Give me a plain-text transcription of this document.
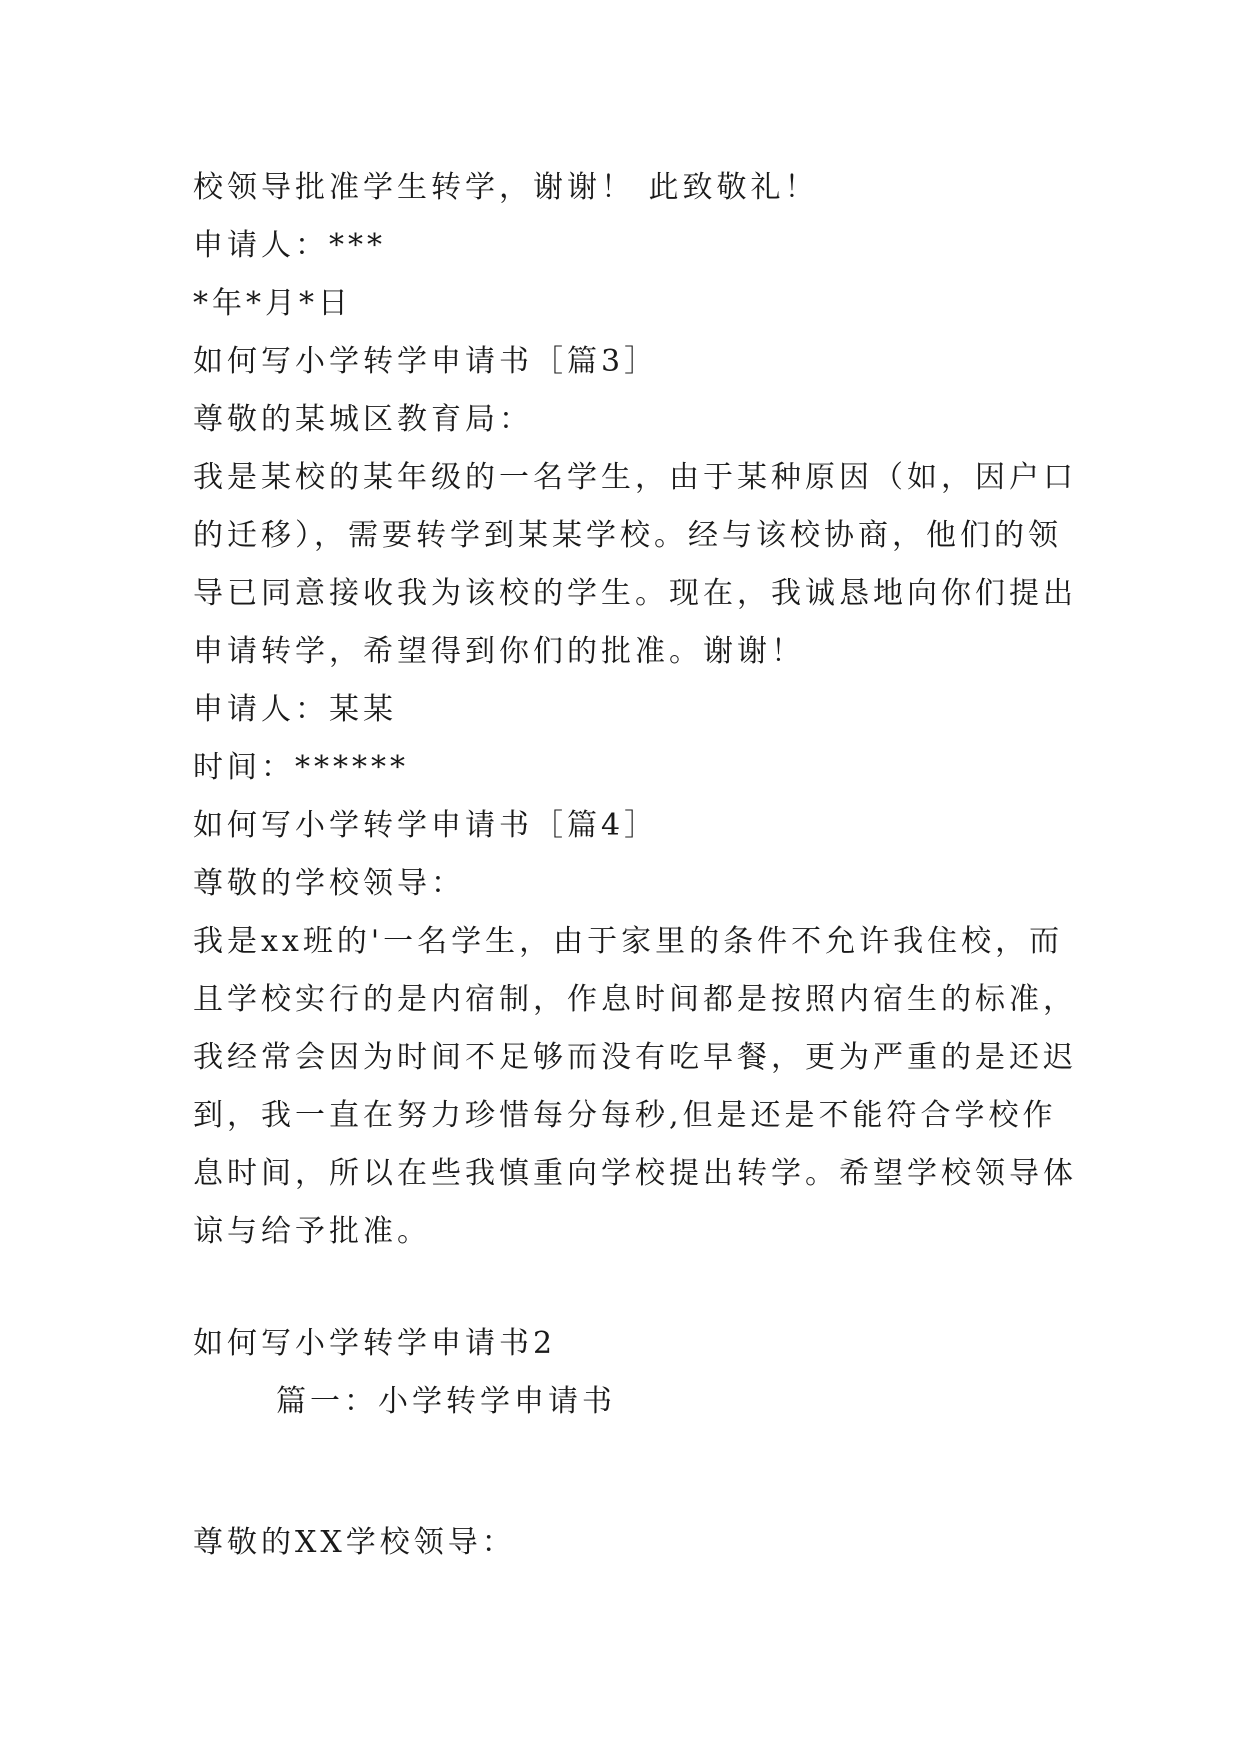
校领导批准学生转学，谢谢！ 此致敬礼！
申请人：***
*年*月*日
如何写小学转学申请书［篇3］
尊敬的某城区教育局：
我是某校的某年级的一名学生，由于某种原因（如，因户口
的迁移），需要转学到某某学校。经与该校协商，他们的领
导已同意接收我为该校的学生。现在，我诚恳地向你们提出
申请转学，希望得到你们的批准。谢谢！
申请人：某某
时间：******
如何写小学转学申请书［篇4］
尊敬的学校领导：
我是xx班的'一名学生，由于家里的条件不允许我住校，而
且学校实行的是内宿制，作息时间都是按照内宿生的标准，
我经常会因为时间不足够而没有吃早餐，更为严重的是还迟
到，我一直在努力珍惜每分每秒,但是还是不能符合学校作
息时间，所以在些我慎重向学校提出转学。希望学校领导体
谅与给予批准。
如何写小学转学申请书2
篇一：小学转学申请书
尊敬的XX学校领导：
